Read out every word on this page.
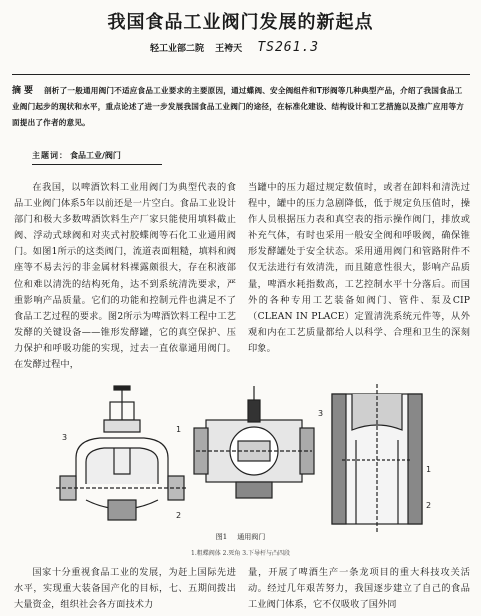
我国食品工业阀门发展的新起点
轻工业部二院 王袴天 TS261.3

摘要 剖析了一般通用阀门不适应食品工业要求的主要原因，通过蝶阀、安全阀组件和T形阀等几种典型产品，介绍了我国食品工业阀门起步的现状和水平，重点论述了进一步发展我国食品工业阀门的途径，在标准化建设、结构设计和工艺措施以及推广应用等方面提出了作者的意见。

主题词： 食品工业/阀门

在我国，以啤酒饮料工业用阀门为典型代表的食品工业阀门体系5年以前还是一片空白。食品工业设计部门和极大多数啤酒饮料生产厂家只能使用填料截止阀、浮动式球阀和对夹式衬胶蝶阀等石化工业通用阀门。如图1所示的这类阀门，流道表面粗糙，填料和阀座等不易去污的非金属材料裸露颇很大，存在积液部位和难以清洗的结构死角，达不到系统清洗要求，严重影响产品质量。它们的功能和控制元件也满足不了食品工艺过程的要求。图2所示为啤酒饮料工程中工艺发酵的关键设备——锥形发酵罐，它的真空保护、压力保护和呼吸功能的实现，过去一直依靠通用阀门。在发酵过程中，

当罐中的压力超过规定数值时，或者在卸料和清洗过程中，罐中的压力急剧降低，低于规定负压值时，操作人员根据压力表和真空表的指示操作阀门，排放或补充气体，有时也采用一般安全阀和呼吸阀，确保锥形发酵罐处于安全状态。采用通用阀门和管路附件不仅无法进行有效清洗，而且随意性很大，影响产品质量，啤酒水耗指数高，工艺控制水平十分落后。而国外的各种专用工艺装备如阀门、管件、泵及CIP（CLEAN IN PLACE）定置清洗系统元件等，从外观和内在工艺质量都给人以科学、合理和卫生的深刻印象。

3
1
2
3
1
2
图1 通用阀门
1.粗蝶阀体 2.死角 3.下导杆与凸四段

国家十分重视食品工业的发展，为赶上国际先进水平，实现重大装备国产化的目标，七、五期间拨出大量资金，组织社会各方面技术力

量，开展了啤酒生产一条龙项目的重大科技攻关活动。经过几年艰苦努力，我国逐步建立了自己的食品工业阀门体系，它不仅吸收了国外同
